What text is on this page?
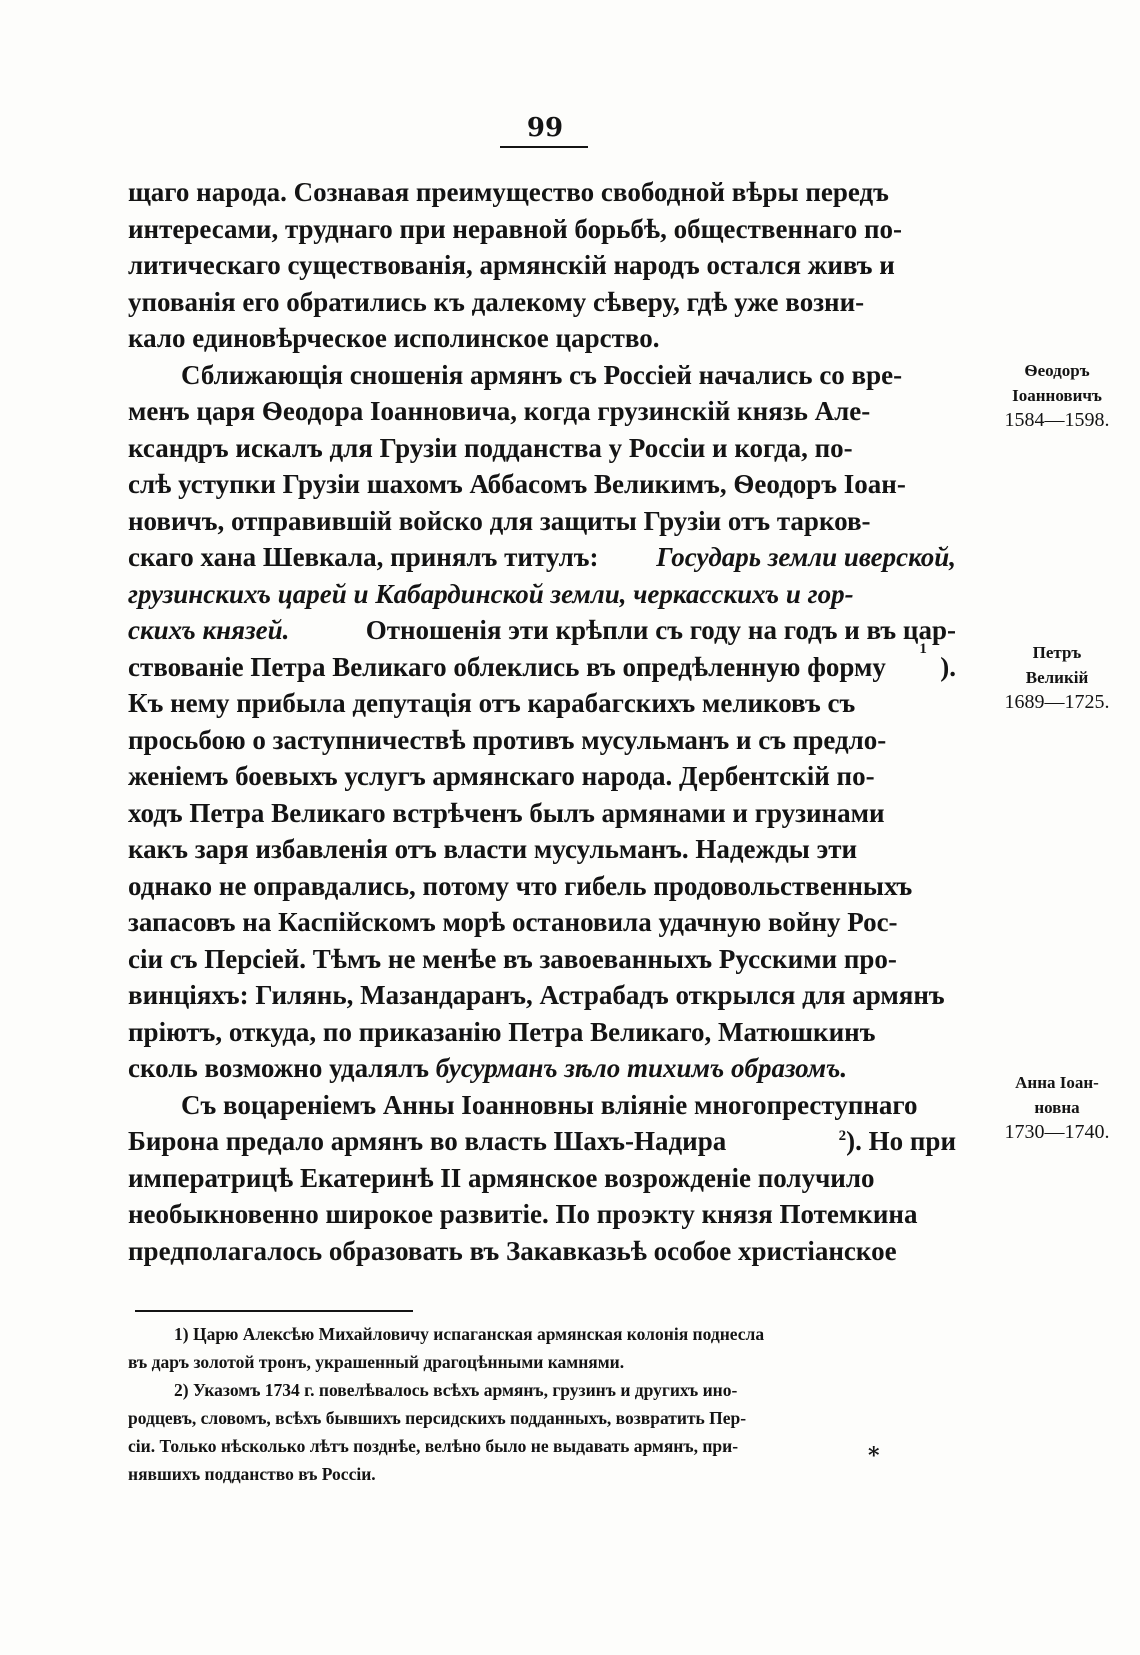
99
щаго народа. Сознавая преимущество свободной вѣры передъ
интересами, труднаго при неравной борьбѣ, общественнаго по-
литическаго существованія, армянскій народъ остался живъ и
упованія его обратились къ далекому сѣверу, гдѣ уже возни-
кало единовѣрческое исполинское царство.
Сближающія сношенія армянъ съ Россіей начались со вре-
менъ царя Ѳеодора Іоанновича, когда грузинскій князь Але-
ксандръ искалъ для Грузіи подданства у Россіи и когда, по-
слѣ уступки Грузіи шахомъ Аббасомъ Великимъ, Ѳеодоръ Іоан-
новичъ, отправившій войско для защиты Грузіи отъ тарков-
скаго хана Шевкала, принялъ титулъ:
Государь земли иверской,
грузинскихъ царей и Кабардинской земли, черкасскихъ и гор-
скихъ князей.
	Отношенія эти крѣпли съ году на годъ и въ цар-
ствованіе Петра Великаго облеклись въ опредѣленную форму

1
).
Къ нему прибыла депутація отъ карабагскихъ меликовъ съ
просьбою о заступничествѣ противъ мусульманъ и съ предло-
женіемъ боевыхъ услугъ армянскаго народа. Дербентскій по-
ходъ Петра Великаго встрѣченъ былъ армянами и грузинами
какъ заря избавленія отъ власти мусульманъ. Надежды эти
однако не оправдались, потому что гибель продовольственныхъ
запасовъ на Каспійскомъ морѣ остановила удачную войну Рос-
сіи съ Персіей. Тѣмъ не менѣе въ завоеванныхъ Русскими про-
винціяхъ: Гилянь, Мазандаранъ, Астрабадъ открылся для армянъ
пріютъ, откуда, по приказанію Петра Великаго, Матюшкинъ
сколь возможно удалялъ
бусурманъ зѣло тихимъ образомъ.
Съ воцареніемъ Анны Іоанновны вліяніе многопреступнаго
Бирона предало армянъ во власть Шахъ-Надира	$^2$). Но при
императрицѣ Екатеринѣ II армянское возрожденіе получило
необыкновенно широкое развитіе. По проэкту князя Потемкина
предполагалось образовать въ Закавказьѣ особое христіанское
Ѳеодоръ
Іоанновичъ
1584—1598.
Петръ
Великій
1689—1725.
Анна Іоан-
новна
1730—1740.
1) Царю Алексѣю Михайловичу испаганская армянская колонія поднесла
въ даръ золотой тронъ, украшенный драгоцѣнными камнями.
2) Указомъ 1734 г. повелѣвалось всѣхъ армянъ, грузинъ и другихъ ино-
родцевъ, словомъ, всѣхъ бывшихъ персидскихъ подданныхъ, возвратить Пер-
сіи. Только нѣсколько лѣтъ позднѣе, велѣно было не выдавать армянъ, при-
нявшихъ подданство въ Россіи.
*
